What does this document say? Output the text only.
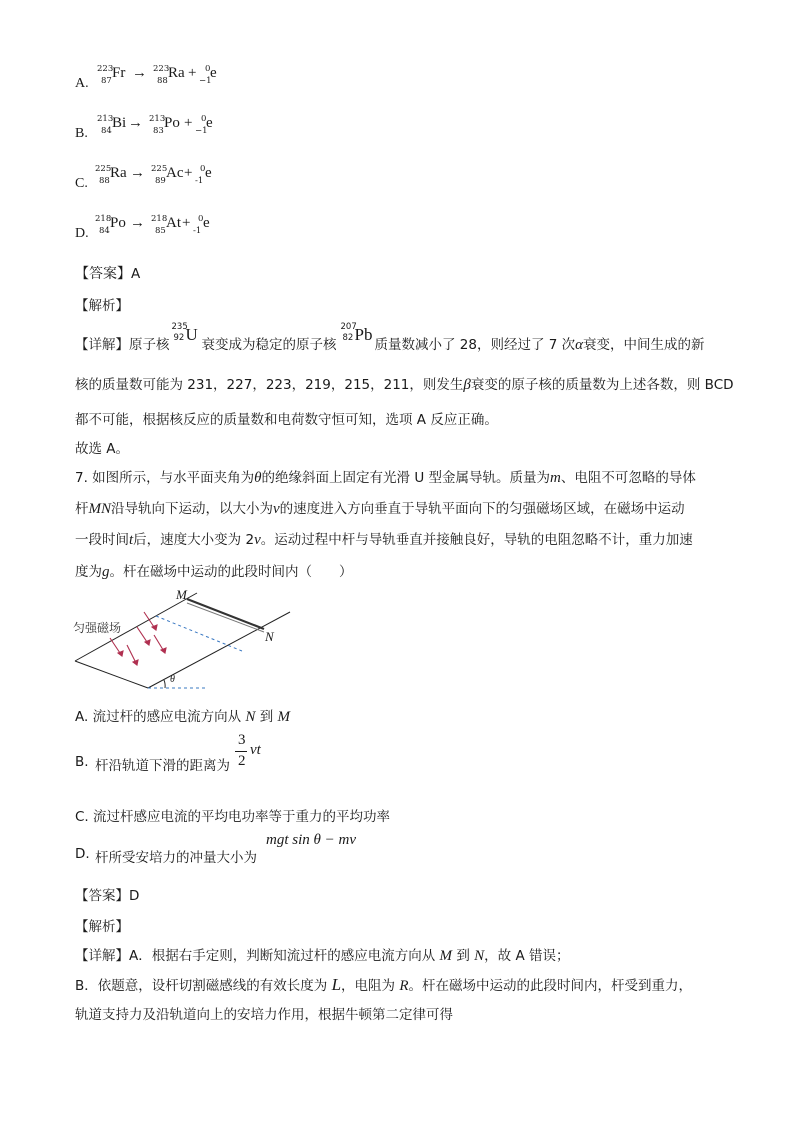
A.
223
87 Fr → 223
88 Ra + 0
−1
e
B.
213
84 Bi → 213
83 Po + 0
−1
e
C.
225
88 Ra → 225
89 Ac + 0
-1 e
D.
218
84 Po → 218
85 At + 0
-1 e
【答案】A
【解析】
【详解】原子核
235
92 U
衰变成为稳定的原子核
207
82 Pb
质量数减小了 28，则经过了 7 次α衰变，中间生成的新
核的质量数可能为 231，227，223，219，215，211，则发生β衰变的原子核的质量数为上述各数，则 BCD
都不可能，根据核反应的质量数和电荷数守恒可知，选项 A 反应正确。
故选 A。
7. 如图所示，与水平面夹角为θ的绝缘斜面上固定有光滑 U 型金属导轨。质量为m、电阻不可忽略的导体
杆MN沿导轨向下运动，以大小为v的速度进入方向垂直于导轨平面向下的匀强磁场区域，在磁场中运动
一段时间t后，速度大小变为 2v。运动过程中杆与导轨垂直并接触良好，导轨的电阻忽略不计，重力加速
度为g。杆在磁场中运动的此段时间内（　　）
匀强磁场
M
N
θ
A. 流过杆的感应电流方向从 N 到 M
B. 杆沿轨道下滑的距离为
3
2
vt
C. 流过杆感应电流的平均电功率等于重力的平均功率
D. 杆所受安培力的冲量大小为
mgt sin θ − mv
【答案】D
【解析】
【详解】A．根据右手定则，判断知流过杆的感应电流方向从 M 到 N，故 A 错误；
B．依题意，设杆切割磁感线的有效长度为 L，电阻为 R。杆在磁场中运动的此段时间内，杆受到重力，
轨道支持力及沿轨道向上的安培力作用，根据牛顿第二定律可得
